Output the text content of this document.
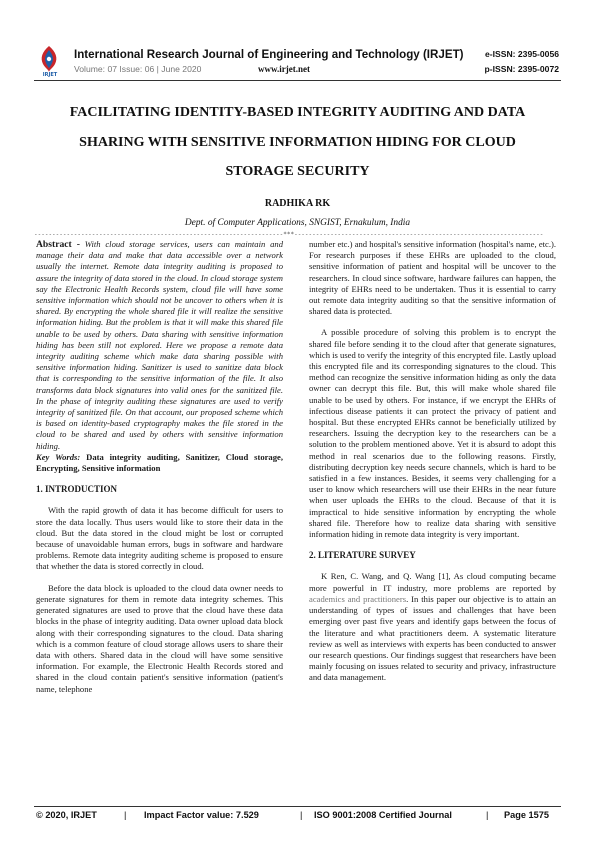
IRJET
International Research Journal of Engineering and Technology (IRJET)
Volume: 07 Issue: 06 | June 2020	www.irjet.net
e-ISSN: 2395-0056
p-ISSN: 2395-0072
FACILITATING IDENTITY-BASED INTEGRITY AUDITING AND DATA
SHARING WITH SENSITIVE INFORMATION HIDING FOR CLOUD
STORAGE SECURITY
RADHIKA RK
Dept. of Computer Applications, SNGIST, Ernakulum, India
---------------------------------------------------------------------***---------------------------------------------------------------------

Abstract - With cloud storage services, users can maintain and manage their data and make that data accessible over a network usually the internet. Remote data integrity auditing is proposed to assure the integrity of data stored in the cloud. In cloud storage system say the Electronic Health Records system, cloud file will have some sensitive information which should not be uncover to others when it is shared. By encrypting the whole shared file it will realize the sensitive information hiding. But the problem is that it will make this shared file unable to be used by others. Data sharing with sensitive information hiding has been still not explored. Here we propose a remote data integrity auditing scheme which make data sharing possible with sensitive information hiding. Sanitizer is used to sanitize data block that is corresponding to the sensitive information of the file. It also transforms data block signatures into valid ones for the sanitized file. In the phase of integrity auditing these signatures are used to verify integrity of sanitized file. On that account, our proposed scheme which is based on identity-based cryptography makes the file stored in the cloud to be shared and used by others with sensitive information hiding.

Key Words: Data integrity auditing, Sanitizer, Cloud storage, Encrypting, Sensitive information

1. INTRODUCTION

With the rapid growth of data it has become difficult for users to store the data locally. Thus users would like to store their data in the cloud. But the data stored in the cloud might be lost or corrupted because of unavoidable human errors, bugs in software and hardware problems. Remote data integrity auditing scheme is proposed to ensure that whether the data is stored correctly in cloud.

Before the data block is uploaded to the cloud data owner needs to generate signatures for them in remote data integrity schemes. This generated signatures are used to prove that the cloud have these data blocks in the phase of integrity auditing. Data owner upload data block along with their corresponding signatures to the cloud. Data sharing which is a common feature of cloud storage allows users to share their data with others. Shared data in the cloud will have some sensitive information. For example, the Electronic Health Records stored and shared in the cloud contain patient's sensitive information (patient's name, telephone

number etc.) and hospital's sensitive information (hospital's name, etc.). For research purposes if these EHRs are uploaded to the cloud, sensitive information of patient and hospital will be uncover to the researchers. In cloud since software, hardware failures can happen, the integrity of EHRs need to be undertaken. Thus it is essential to carry out remote data integrity auditing so that the sensitive information of shared data is protected.

A possible procedure of solving this problem is to encrypt the shared file before sending it to the cloud after that generate signatures, which is used to verify the integrity of this encrypted file. Lastly upload this encrypted file and its corresponding signatures to the cloud. This method can recognize the sensitive information hiding as only the data owner can decrypt this file. But, this will make whole shared file unable to be used by others. For instance, if we encrypt the EHRs of infectious disease patients it can protect the privacy of patient and hospital. But these encrypted EHRs cannot be beneficially utilized by researchers. Issuing the decryption key to the researchers can be a solution to the problem mentioned above. Yet it is absurd to adopt this method in real scenarios due to the following reasons. Firstly, distributing decryption key needs secure channels, which is hard to be satisfied in a few instances. Besides, it seems very challenging for a user to know which researchers will use their EHRs in the near future when user uploads the EHRs to the cloud. Because of that it is impractical to hide sensitive information by encrypting the whole shared file. Therefore how to realize data sharing with sensitive information hiding in remote data integrity is very important.

2. LITERATURE SURVEY

K Ren, C. Wang, and Q. Wang [1], As cloud computing became more powerful in IT industry, more problems are reported by academics and practitioners. In this paper our objective is to attain an understanding of types of issues and challenges that have been emerging over past five years and identify gaps between the focus of the literature and what practitioners deem. A systematic literature review as well as interviews with experts has been conducted to answer our research questions. Our findings suggest that researchers have been mainly focusing on issues related to security and privacy, infrastructure and data management.

© 2020, IRJET	| Impact Factor value: 7.529	| ISO 9001:2008 Certified Journal	| Page 1575
